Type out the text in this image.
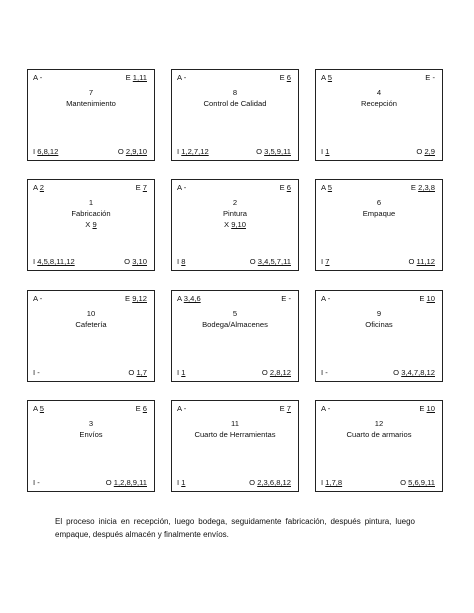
A -	E 1,11
7
Mantenimiento
I 6,8,12	O 2,9,10
A -	E 6
8
Control de Calidad
I 1,2,7,12	O 3,5,9,11
A 5	E -
4
Recepción
I 1	O 2,9
A 2	E 7
1
Fabricación
X 9
I 4,5,8,11,12	O 3,10
A -	E 6
2
Pintura
X 9,10
I 8	O 3,4,5,7,11
A 5	E 2,3,8
6
Empaque
I 7	O 11,12
A -	E 9,12
10
Cafetería
I -	O 1,7
A 3,4,6	E -
5
Bodega/Almacenes
I 1	O 2,8,12
A -	E 10
9
Oficinas
I -	O 3,4,7,8,12
A 5	E 6
3
Envíos
I -	O 1,2,8,9,11
A -	E 7
11
Cuarto de Herramientas
I 1	O 2,3,6,8,12
A -	E 10
12
Cuarto de armarios
I 1,7,8	O 5,6,9,11

El proceso inicia en recepción, luego bodega, seguidamente fabricación, después pintura, luego empaque, después almacén y finalmente envíos.
